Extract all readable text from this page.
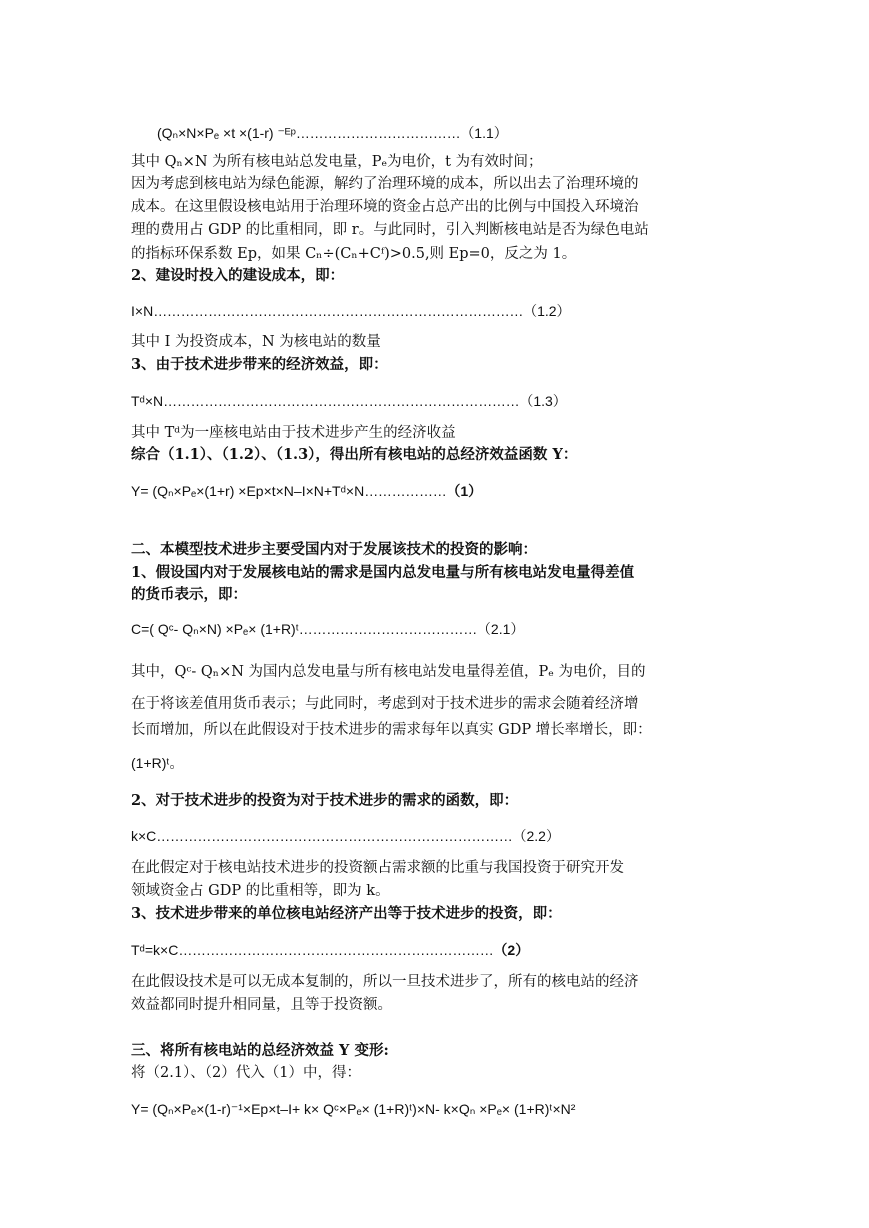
(Qₙ×N×Pₑ ×t ×(1-r) ⁻ᴱᵖ………………………………（1.1）
其中 Qₙ×N 为所有核电站总发电量，Pₑ为电价，t 为有效时间；
因为考虑到核电站为绿色能源，解约了治理环境的成本，所以出去了治理环境的
成本。在这里假设核电站用于治理环境的资金占总产出的比例与中国投入环境治
理的费用占 GDP 的比重相同，即 r。与此同时，引入判断核电站是否为绿色电站
的指标环保系数 Ep，如果 Cₙ÷(Cₙ+Cᶠ)>0.5,则 Ep=0，反之为 1。
2、建设时投入的建设成本，即：
I×N………………………………………………………………………（1.2）
其中 I 为投资成本，N 为核电站的数量
3、由于技术进步带来的经济效益，即：
Tᵈ×N……………………………………………………………………（1.3）
其中 Tᵈ为一座核电站由于技术进步产生的经济收益
综合（1.1）、（1.2）、（1.3），得出所有核电站的总经济效益函数 Y：
Y= (Qₙ×Pₑ×(1+r) ×Ep×t×N–I×N+Tᵈ×N………………（1）
二、本模型技术进步主要受国内对于发展该技术的投资的影响：
1、假设国内对于发展核电站的需求是国内总发电量与所有核电站发电量得差值
的货币表示，即：
C=( Qᶜ- Qₙ×N) ×Pₑ× (1+R)ᵗ…………………………………（2.1）
其中，Qᶜ- Qₙ×N 为国内总发电量与所有核电站发电量得差值，Pₑ 为电价，目的
在于将该差值用货币表示；与此同时，考虑到对于技术进步的需求会随着经济增
长而增加，所以在此假设对于技术进步的需求每年以真实 GDP 增长率增长，即：
(1+R)ᵗ。
2、对于技术进步的投资为对于技术进步的需求的函数，即：
k×C……………………………………………………………………（2.2）
在此假定对于核电站技术进步的投资额占需求额的比重与我国投资于研究开发
领域资金占 GDP 的比重相等，即为 k。
3、技术进步带来的单位核电站经济产出等于技术进步的投资，即：
Tᵈ=k×C……………………………………………………………（2）
在此假设技术是可以无成本复制的，所以一旦技术进步了，所有的核电站的经济
效益都同时提升相同量，且等于投资额。
三、将所有核电站的总经济效益 Y 变形:
将（2.1）、（2）代入（1）中，得：
Y= (Qₙ×Pₑ×(1-r)⁻¹×Ep×t–I+ k× Qᶜ×Pₑ× (1+R)ᵗ)×N- k×Qₙ ×Pₑ× (1+R)ᵗ×N²
